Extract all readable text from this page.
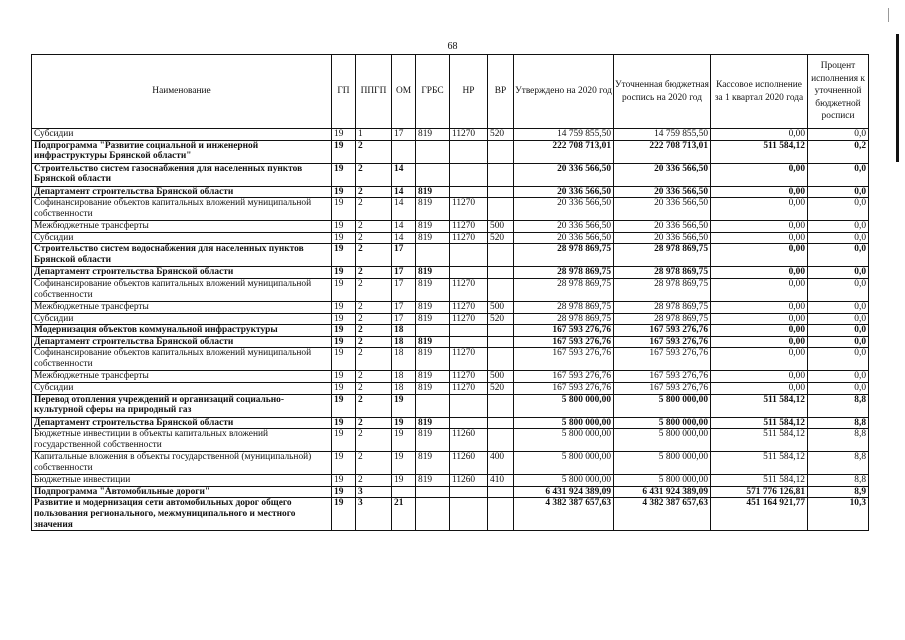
68
Наименование	ГП	ППГП	ОМ	ГРБС	НР	ВР	Утверждено на 2020 год	Уточненная бюджетная роспись на 2020 год	Кассовое исполнение за 1 квартал 2020 года	Процент исполнения к уточненной бюджетной росписи
Субсидии	19	1	17	819	11270	520	14 759 855,50	14 759 855,50	0,00	0,0
Подпрограмма "Развитие социальной и инженерной инфраструктуры Брянской области"	19	2					222 708 713,01	222 708 713,01	511 584,12	0,2
Строительство систем газоснабжения для населенных пунктов Брянской области	19	2	14				20 336 566,50	20 336 566,50	0,00	0,0
Департамент строительства Брянской области	19	2	14	819			20 336 566,50	20 336 566,50	0,00	0,0
Софинансирование объектов капитальных вложений муниципальной собственности	19	2	14	819	11270		20 336 566,50	20 336 566,50	0,00	0,0
Межбюджетные трансферты	19	2	14	819	11270	500	20 336 566,50	20 336 566,50	0,00	0,0
Субсидии	19	2	14	819	11270	520	20 336 566,50	20 336 566,50	0,00	0,0
Строительство систем водоснабжения для населенных пунктов Брянской области	19	2	17				28 978 869,75	28 978 869,75	0,00	0,0
Департамент строительства Брянской области	19	2	17	819			28 978 869,75	28 978 869,75	0,00	0,0
Софинансирование объектов капитальных вложений муниципальной собственности	19	2	17	819	11270		28 978 869,75	28 978 869,75	0,00	0,0
Межбюджетные трансферты	19	2	17	819	11270	500	28 978 869,75	28 978 869,75	0,00	0,0
Субсидии	19	2	17	819	11270	520	28 978 869,75	28 978 869,75	0,00	0,0
Модернизация объектов коммунальной инфраструктуры	19	2	18				167 593 276,76	167 593 276,76	0,00	0,0
Департамент строительства Брянской области	19	2	18	819			167 593 276,76	167 593 276,76	0,00	0,0
Софинансирование объектов капитальных вложений муниципальной собственности	19	2	18	819	11270		167 593 276,76	167 593 276,76	0,00	0,0
Межбюджетные трансферты	19	2	18	819	11270	500	167 593 276,76	167 593 276,76	0,00	0,0
Субсидии	19	2	18	819	11270	520	167 593 276,76	167 593 276,76	0,00	0,0
Перевод отопления учреждений и организаций социально-культурной сферы на природный газ	19	2	19				5 800 000,00	5 800 000,00	511 584,12	8,8
Департамент строительства Брянской области	19	2	19	819			5 800 000,00	5 800 000,00	511 584,12	8,8
Бюджетные инвестиции в объекты капитальных вложений государственной собственности	19	2	19	819	11260		5 800 000,00	5 800 000,00	511 584,12	8,8
Капитальные вложения в объекты государственной (муниципальной) собственности	19	2	19	819	11260	400	5 800 000,00	5 800 000,00	511 584,12	8,8
Бюджетные инвестиции	19	2	19	819	11260	410	5 800 000,00	5 800 000,00	511 584,12	8,8
Подпрограмма "Автомобильные дороги"	19	3					6 431 924 389,09	6 431 924 389,09	571 776 126,81	8,9
Развитие и модернизация сети автомобильных дорог общего пользования регионального, межмуниципального и местного значения	19	3	21				4 382 387 657,63	4 382 387 657,63	451 164 921,77	10,3
